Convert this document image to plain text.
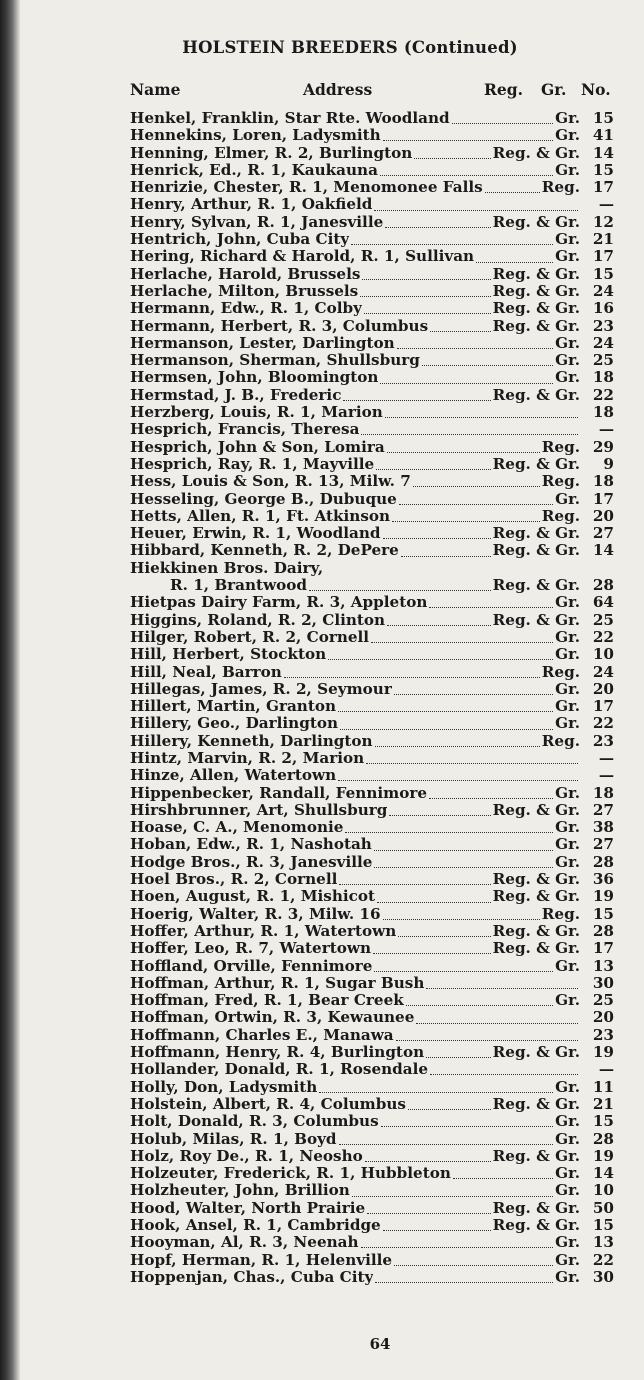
HOLSTEIN BREEDERS (Continued)
Name	Address	Reg. Gr. No.
Henkel, Franklin, Star Rte. Woodland	Gr. 15
Hennekins, Loren, Ladysmith	Gr. 41
Henning, Elmer, R. 2, Burlington	Reg. & Gr. 14
Henrick, Ed., R. 1, Kaukauna	Gr. 15
Henrizie, Chester, R. 1, Menomonee Falls	Reg. 17
Henry, Arthur, R. 1, Oakfield	—
Henry, Sylvan, R. 1, Janesville	Reg. & Gr. 12
Hentrich, John, Cuba City	Gr. 21
Hering, Richard & Harold, R. 1, Sullivan	Gr. 17
Herlache, Harold, Brussels	Reg. & Gr. 15
Herlache, Milton, Brussels	Reg. & Gr. 24
Hermann, Edw., R. 1, Colby	Reg. & Gr. 16
Hermann, Herbert, R. 3, Columbus	Reg. & Gr. 23
Hermanson, Lester, Darlington	Gr. 24
Hermanson, Sherman, Shullsburg	Gr. 25
Hermsen, John, Bloomington	Gr. 18
Hermstad, J. B., Frederic	Reg. & Gr. 22
Herzberg, Louis, R. 1, Marion	18
Hesprich, Francis, Theresa	—
Hesprich, John & Son, Lomira	Reg. 29
Hesprich, Ray, R. 1, Mayville	Reg. & Gr.	9
Hess, Louis & Son, R. 13, Milw. 7	Reg. 18
Hesseling, George B., Dubuque	Gr. 17
Hetts, Allen, R. 1, Ft. Atkinson	Reg. 20
Heuer, Erwin, R. 1, Woodland	Reg. & Gr. 27
Hibbard, Kenneth, R. 2, DePere	Reg. & Gr. 14
Hiekkinen Bros. Dairy,
R. 1, Brantwood	Reg. & Gr. 28
Hietpas Dairy Farm, R. 3, Appleton	Gr. 64
Higgins, Roland, R. 2, Clinton	Reg. & Gr. 25
Hilger, Robert, R. 2, Cornell	Gr. 22
Hill, Herbert, Stockton	Gr. 10
Hill, Neal, Barron	Reg. 24
Hillegas, James, R. 2, Seymour	Gr. 20
Hillert, Martin, Granton	Gr. 17
Hillery, Geo., Darlington	Gr. 22
Hillery, Kenneth, Darlington	Reg. 23
Hintz, Marvin, R. 2, Marion	—
Hinze, Allen, Watertown	—
Hippenbecker, Randall, Fennimore	Gr. 18
Hirshbrunner, Art, Shullsburg	Reg. & Gr. 27
Hoase, C. A., Menomonie	Gr. 38
Hoban, Edw., R. 1, Nashotah	Gr. 27
Hodge Bros., R. 3, Janesville	Gr. 28
Hoel Bros., R. 2, Cornell	Reg. & Gr. 36
Hoen, August, R. 1, Mishicot	Reg. & Gr. 19
Hoerig, Walter, R. 3, Milw. 16	Reg. 15
Hoffer, Arthur, R. 1, Watertown	Reg. & Gr. 28
Hoffer, Leo, R. 7, Watertown	Reg. & Gr. 17
Hoffland, Orville, Fennimore	Gr. 13
Hoffman, Arthur, R. 1, Sugar Bush	30
Hoffman, Fred, R. 1, Bear Creek	Gr. 25
Hoffman, Ortwin, R. 3, Kewaunee	20
Hoffmann, Charles E., Manawa	23
Hoffmann, Henry, R. 4, Burlington	Reg. & Gr. 19
Hollander, Donald, R. 1, Rosendale	—
Holly, Don, Ladysmith	Gr. 11
Holstein, Albert, R. 4, Columbus	Reg. & Gr. 21
Holt, Donald, R. 3, Columbus	Gr. 15
Holub, Milas, R. 1, Boyd	Gr. 28
Holz, Roy De., R. 1, Neosho	Reg. & Gr. 19
Holzeuter, Frederick, R. 1, Hubbleton	Gr. 14
Holzheuter, John, Brillion	Gr. 10
Hood, Walter, North Prairie	Reg. & Gr. 50
Hook, Ansel, R. 1, Cambridge	Reg. & Gr. 15
Hooyman, Al, R. 3, Neenah	Gr. 13
Hopf, Herman, R. 1, Helenville	Gr. 22
Hoppenjan, Chas., Cuba City	Gr. 30
64
